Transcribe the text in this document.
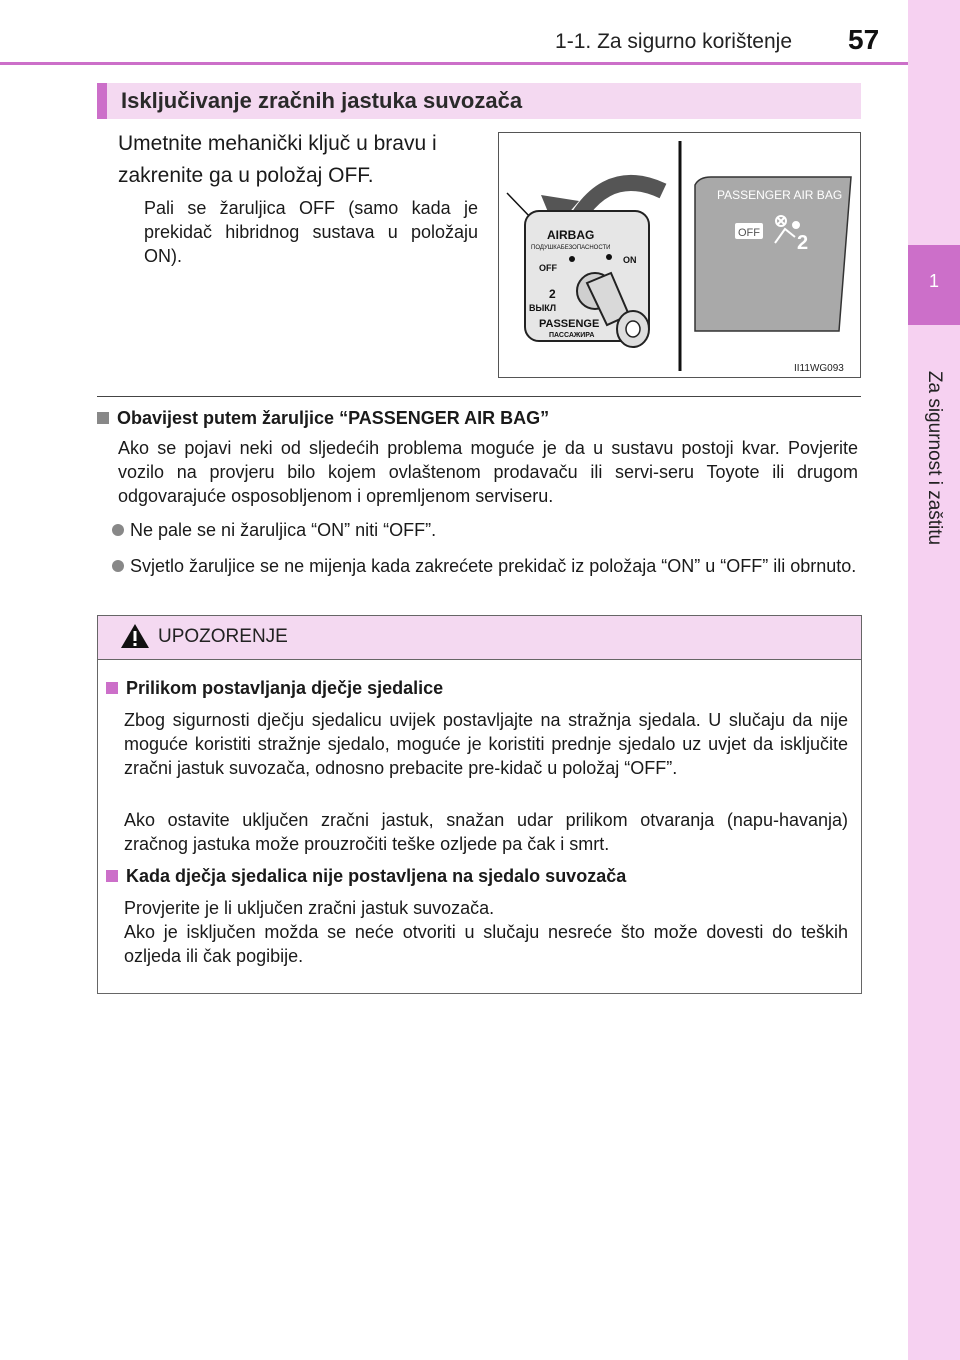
1-1. Za sigurno korištenje 57
1
Za sigurnost i zaštitu
Isključivanje zračnih jastuka suvozača
Umetnite mehanički ključ u bravu i zakrenite ga u položaj OFF.
Pali se žaruljica OFF (samo kada je prekidač hibridnog sustava u položaju ON).
PASSENGER AIR BAG
OFF 2
AIRBAG
ПОДУШКАБЕЗОПАСНОСТИ
OFF
ON
2
ВЫКЛ
PASSENGE
ПАССАЖИРА
II11WG093
Obavijest putem žaruljice “PASSENGER AIR BAG”
Ako se pojavi neki od sljedećih problema moguće je da u sustavu postoji kvar. Povjerite vozilo na provjeru bilo kojem ovlaštenom prodavaču ili servi-seru Toyote ili drugom odgovarajuće osposobljenom i opremljenom serviseru.
Ne pale se ni žaruljica “ON” niti “OFF”.
Svjetlo žaruljice se ne mijenja kada zakrećete prekidač iz položaja “ON” u “OFF” ili obrnuto.
UPOZORENJE
Prilikom postavljanja dječje sjedalice
Zbog sigurnosti dječju sjedalicu uvijek postavljajte na stražnja sjedala. U slučaju da nije moguće koristiti stražnje sjedalo, moguće je koristiti prednje sjedalo uz uvjet da isključite zračni jastuk suvozača, odnosno prebacite pre-kidač u položaj “OFF”.
Ako ostavite uključen zračni jastuk, snažan udar prilikom otvaranja (napu-havanja) zračnog jastuka može prouzročiti teške ozljede pa čak i smrt.
Kada dječja sjedalica nije postavljena na sjedalo suvozača
Provjerite je li uključen zračni jastuk suvozača.
Ako je isključen možda se neće otvoriti u slučaju nesreće što može dovesti do teških ozljeda ili čak pogibije.
